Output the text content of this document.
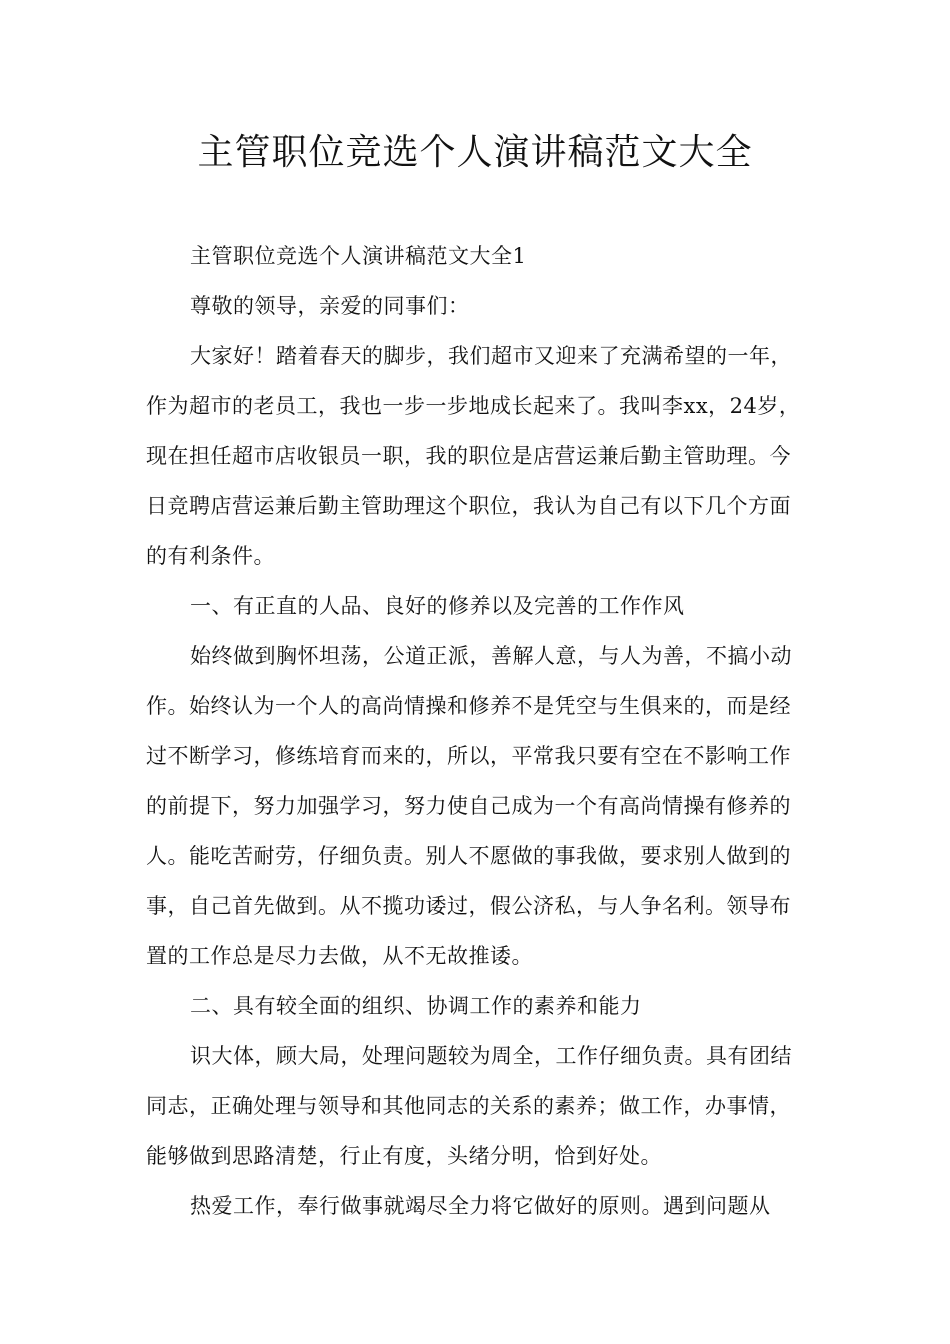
主管职位竞选个人演讲稿范文大全

主管职位竞选个人演讲稿范文大全1

尊敬的领导，亲爱的同事们：

大家好！踏着春天的脚步，我们超市又迎来了充满希望的一年，作为超市的老员工，我也一步一步地成长起来了。我叫李xx，24岁，现在担任超市店收银员一职，我的职位是店营运兼后勤主管助理。今日竞聘店营运兼后勤主管助理这个职位，我认为自己有以下几个方面的有利条件。

一、有正直的人品、良好的修养以及完善的工作作风

始终做到胸怀坦荡，公道正派，善解人意，与人为善，不搞小动作。始终认为一个人的高尚情操和修养不是凭空与生俱来的，而是经过不断学习，修练培育而来的，所以，平常我只要有空在不影响工作的前提下，努力加强学习，努力使自己成为一个有高尚情操有修养的人。能吃苦耐劳，仔细负责。别人不愿做的事我做，要求别人做到的事，自己首先做到。从不揽功诿过，假公济私，与人争名利。领导布置的工作总是尽力去做，从不无故推诿。

二、具有较全面的组织、协调工作的素养和能力

识大体，顾大局，处理问题较为周全，工作仔细负责。具有团结同志，正确处理与领导和其他同志的关系的素养；做工作，办事情，能够做到思路清楚，行止有度，头绪分明，恰到好处。

热爱工作，奉行做事就竭尽全力将它做好的原则。遇到问题从
